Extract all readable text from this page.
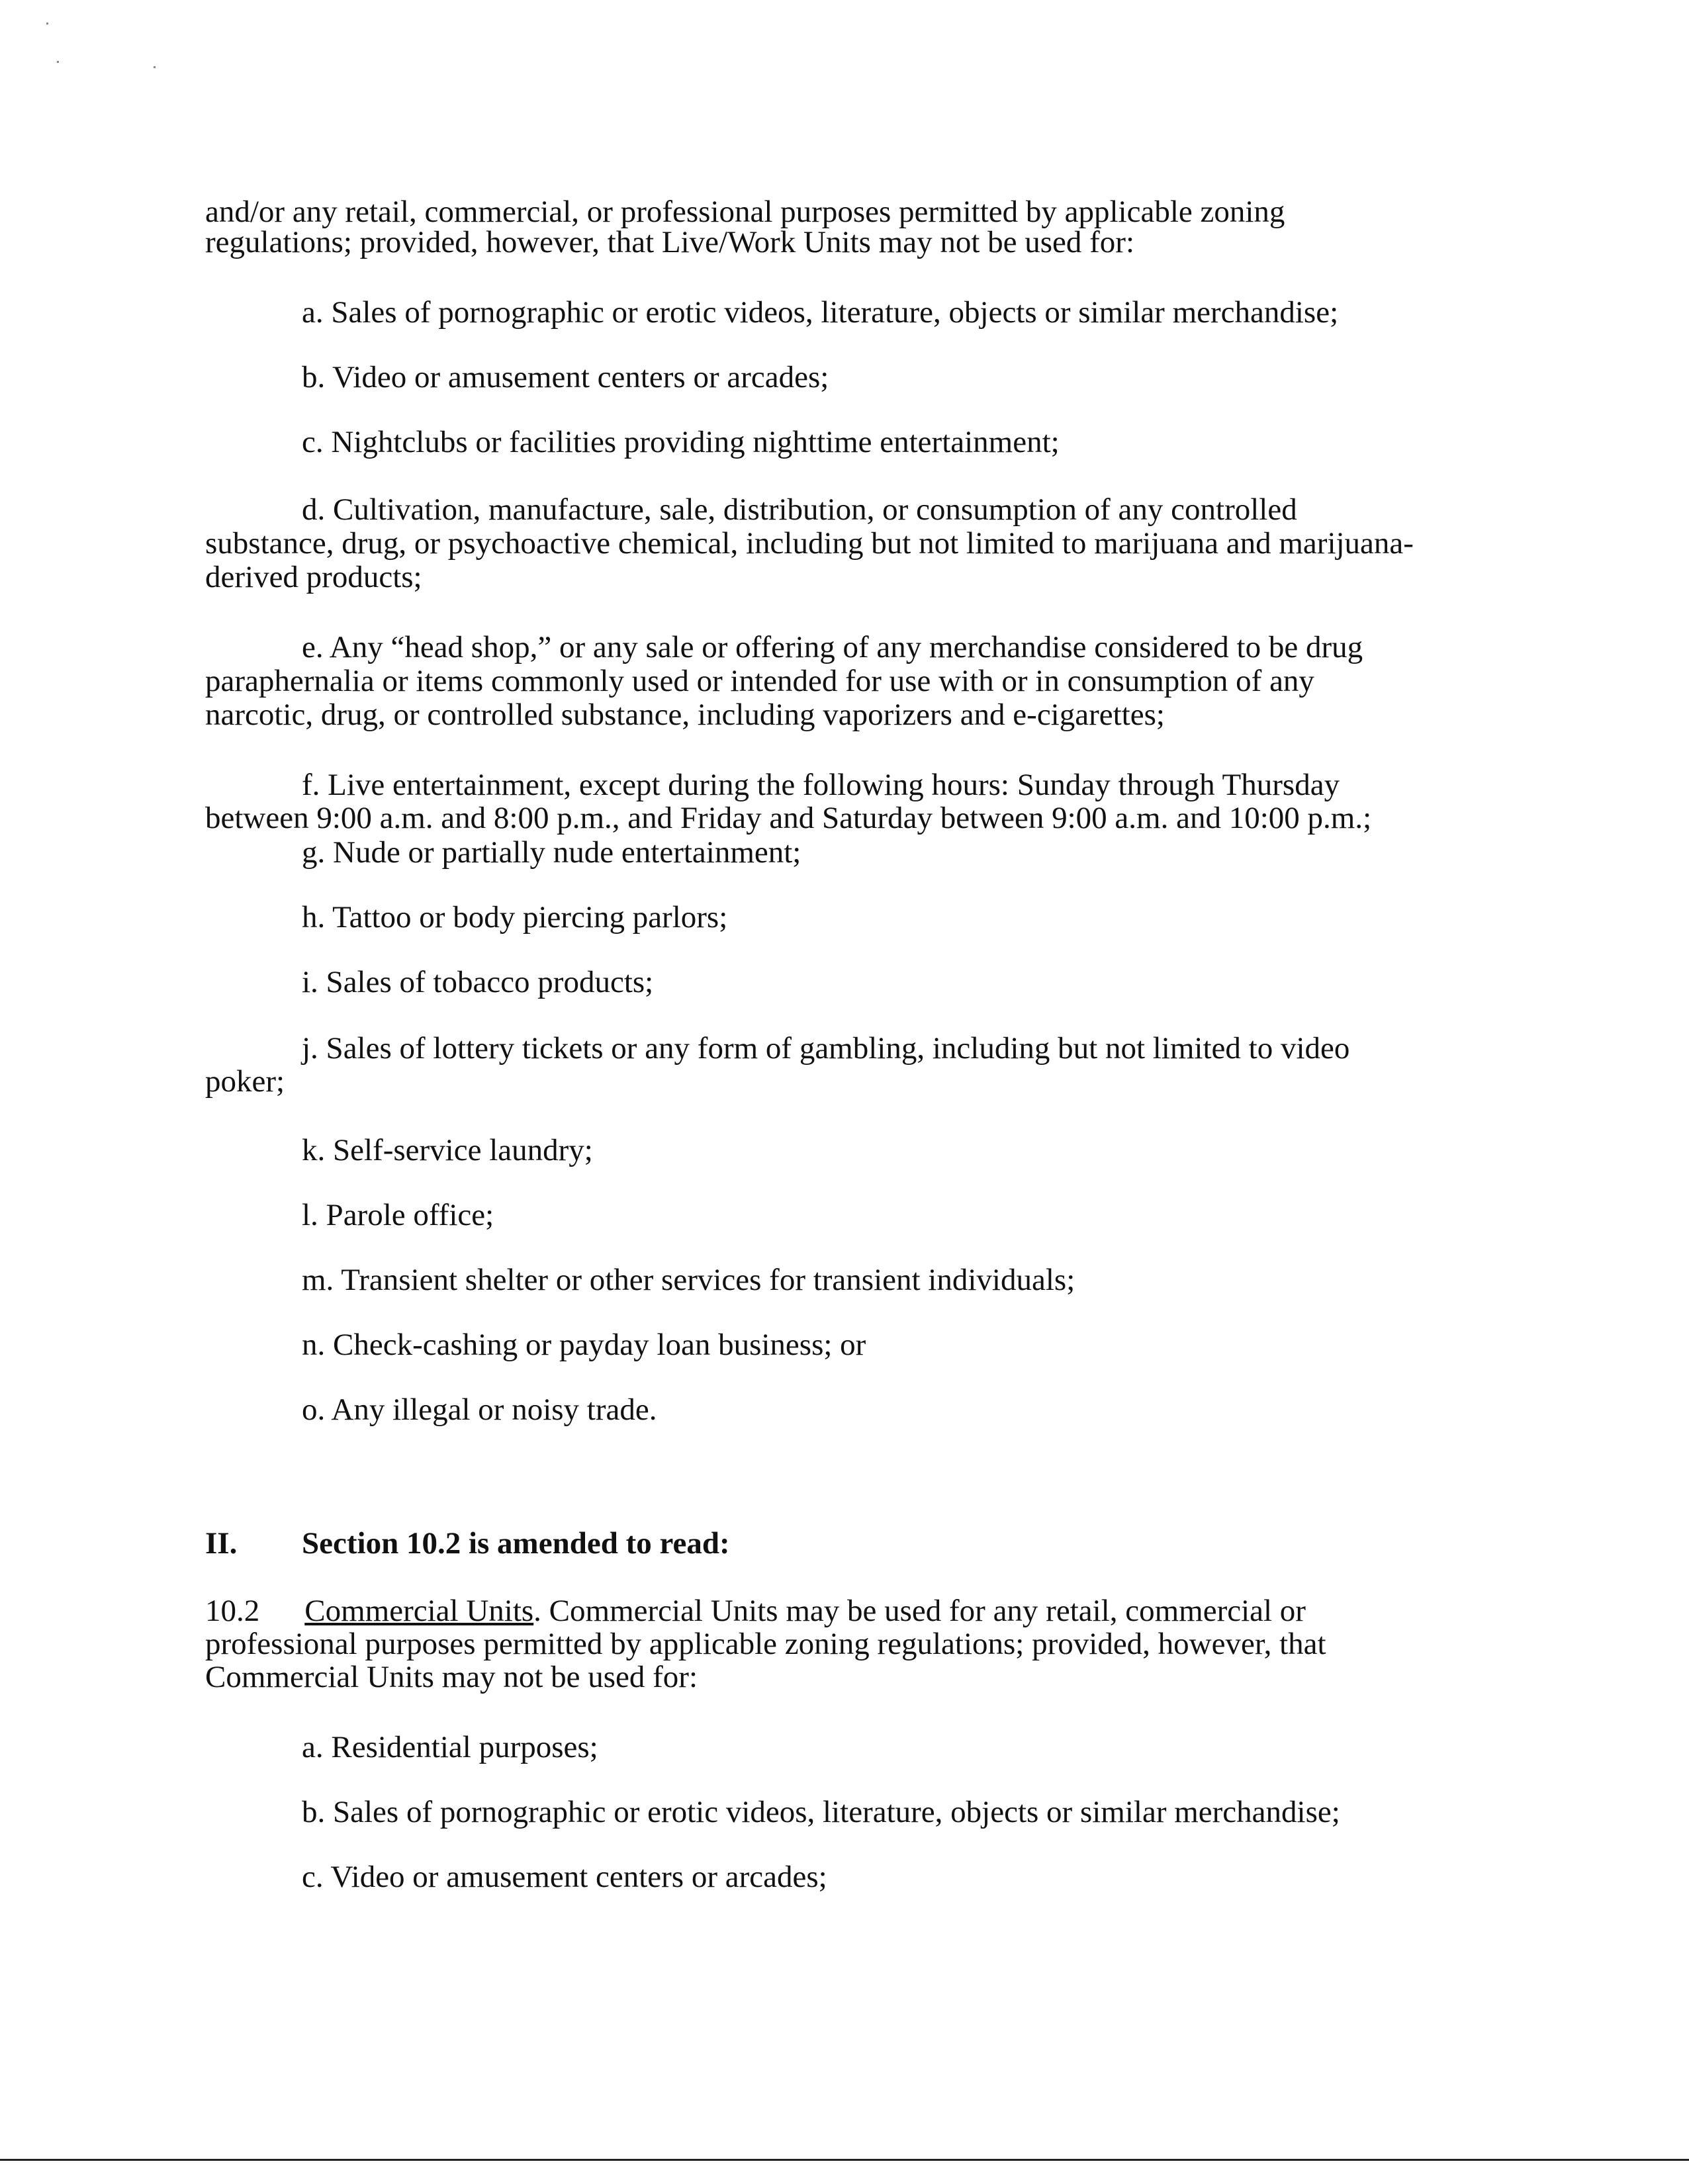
and/or any retail, commercial, or professional purposes permitted by applicable zoning

regulations; provided, however, that Live/Work Units may not be used for:

a. Sales of pornographic or erotic videos, literature, objects or similar merchandise;

b. Video or amusement centers or arcades;

c. Nightclubs or facilities providing nighttime entertainment;

d. Cultivation, manufacture, sale, distribution, or consumption of any controlled

substance, drug, or psychoactive chemical, including but not limited to marijuana and marijuana-

derived products;

e. Any “head shop,” or any sale or offering of any merchandise considered to be drug

paraphernalia or items commonly used or intended for use with or in consumption of any

narcotic, drug, or controlled substance, including vaporizers and e-cigarettes;

f. Live entertainment, except during the following hours: Sunday through Thursday

between 9:00 a.m. and 8:00 p.m., and Friday and Saturday between 9:00 a.m. and 10:00 p.m.;

g. Nude or partially nude entertainment;

h. Tattoo or body piercing parlors;

i. Sales of tobacco products;

j. Sales of lottery tickets or any form of gambling, including but not limited to video

poker;

k. Self-service laundry;

l. Parole office;

m. Transient shelter or other services for transient individuals;

n. Check-cashing or payday loan business; or

o. Any illegal or noisy trade.

II. Section 10.2 is amended to read:

10.2 Commercial Units. Commercial Units may be used for any retail, commercial or

professional purposes permitted by applicable zoning regulations; provided, however, that

Commercial Units may not be used for:

a. Residential purposes;

b. Sales of pornographic or erotic videos, literature, objects or similar merchandise;

c. Video or amusement centers or arcades;
